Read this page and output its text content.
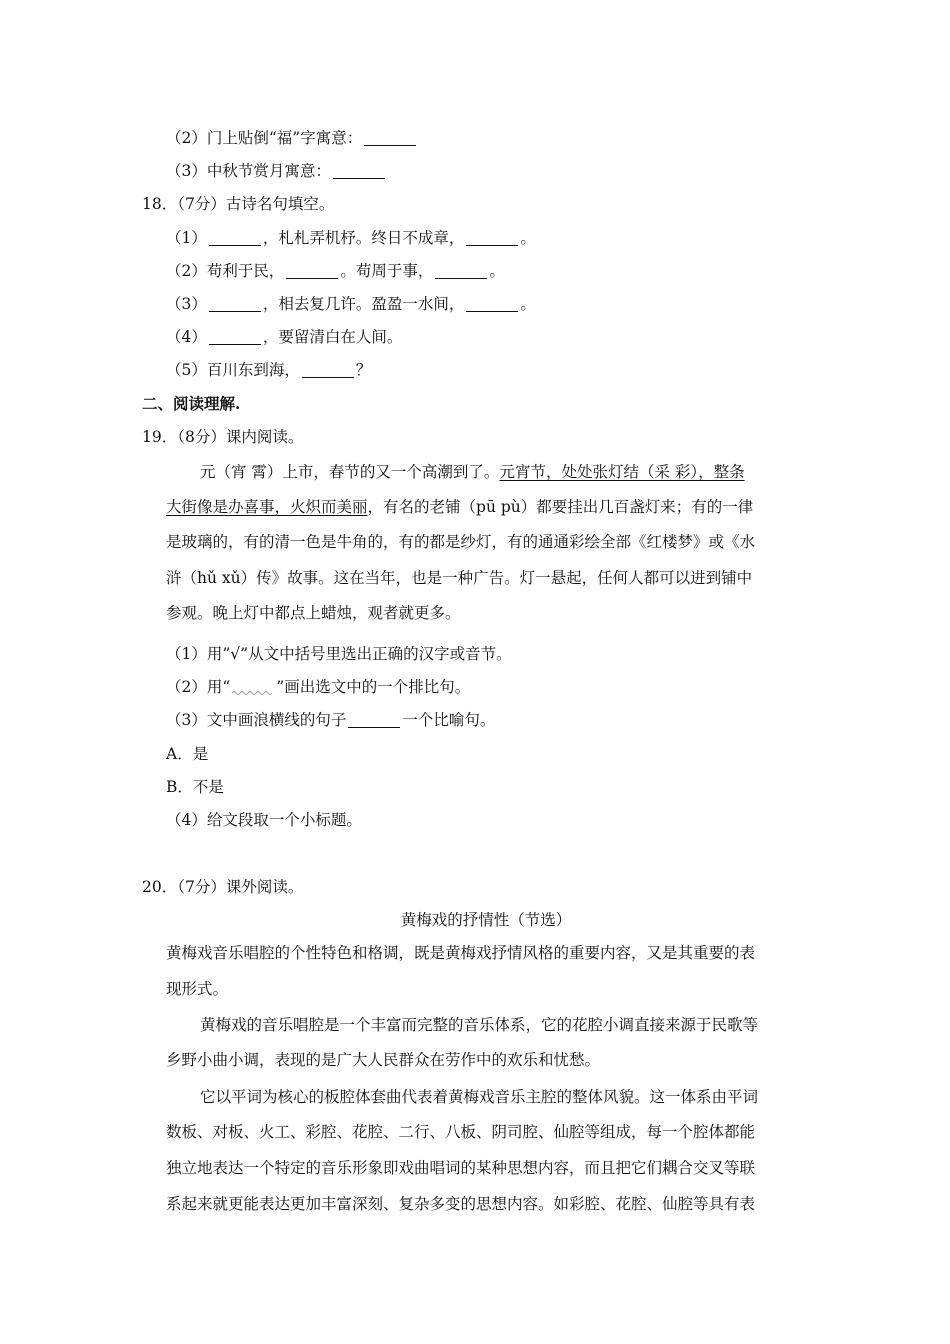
（2）门上贴倒“福”字寓意：
（3）中秋节赏月寓意：
18．（7分）古诗名句填空。
（1）	，札札弄机杼。终日不成章，	。
（2）苟利于民，	。苟周于事，	。
（3）	，相去复几许。盈盈一水间，	。
（4）	，要留清白在人间。
（5）百川东到海，	？
二、阅读理解.
19．（8分）课内阅读。
元（宵 霄）上市，春节的又一个高潮到了。元宵节，处处张灯结（采 彩），整条
大街像是办喜事，火炽而美丽，有名的老铺（pū pù）都要挂出几百盏灯来；有的一律
是玻璃的，有的清一色是牛角的，有的都是纱灯，有的通通彩绘全部《红楼梦》或《水
浒（hǔ xǔ）传》故事。这在当年，也是一种广告。灯一悬起，任何人都可以进到铺中
参观。晚上灯中都点上蜡烛，观者就更多。
（1）用”√”从文中括号里选出正确的汉字或音节。
（2）用“	”画出选文中的一个排比句。
（3）文中画浪横线的句子	一个比喻句。
A．是
B．不是
（4）给文段取一个小标题。
20．（7分）课外阅读。
黄梅戏的抒情性（节选）
黄梅戏音乐唱腔的个性特色和格调，既是黄梅戏抒情风格的重要内容，又是其重要的表
现形式。
黄梅戏的音乐唱腔是一个丰富而完整的音乐体系，它的花腔小调直接来源于民歌等
乡野小曲小调，表现的是广大人民群众在劳作中的欢乐和忧愁。
它以平词为核心的板腔体套曲代表着黄梅戏音乐主腔的整体风貌。这一体系由平词
数板、对板、火工、彩腔、花腔、二行、八板、阴司腔、仙腔等组成，每一个腔体都能
独立地表达一个特定的音乐形象即戏曲唱词的某种思想内容，而且把它们耦合交叉等联
系起来就更能表达更加丰富深刻、复杂多变的思想内容。如彩腔、花腔、仙腔等具有表
